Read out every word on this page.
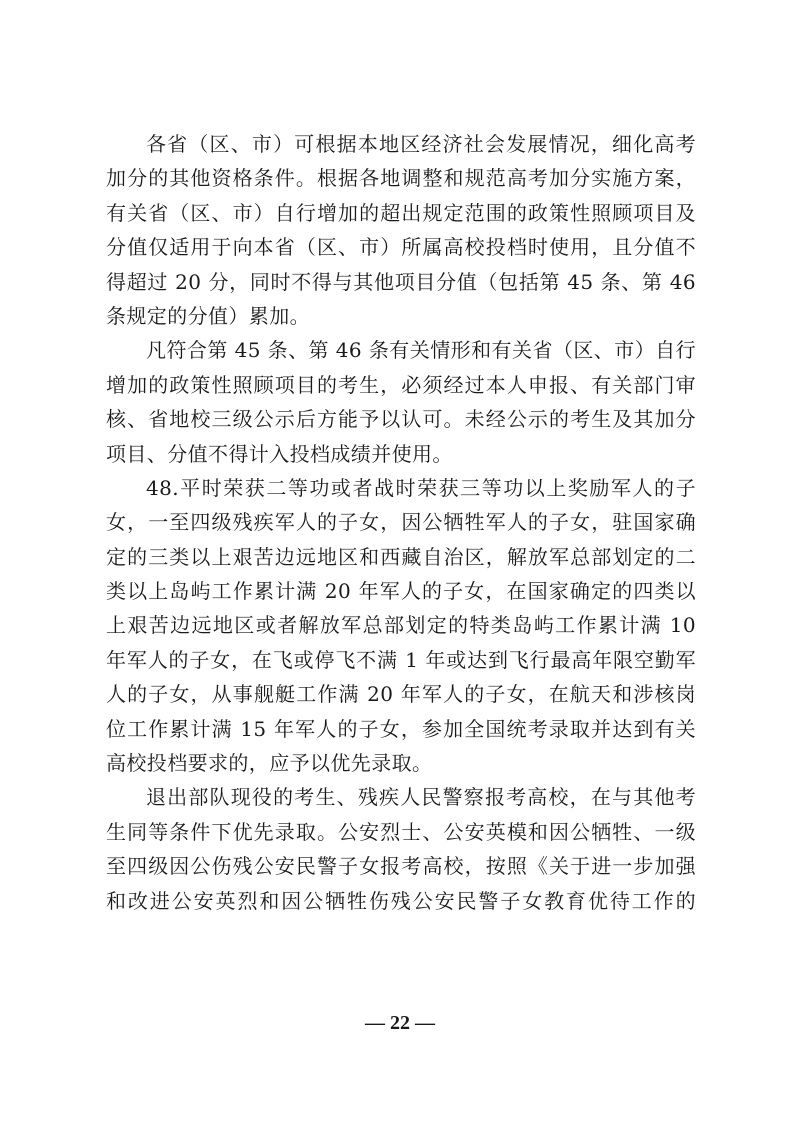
各省（区、市）可根据本地区经济社会发展情况，细化高考
加分的其他资格条件。根据各地调整和规范高考加分实施方案，
有关省（区、市）自行增加的超出规定范围的政策性照顾项目及
分值仅适用于向本省（区、市）所属高校投档时使用，且分值不
得超过 20 分，同时不得与其他项目分值（包括第 45 条、第 46
条规定的分值）累加。
凡符合第 45 条、第 46 条有关情形和有关省（区、市）自行
增加的政策性照顾项目的考生，必须经过本人申报、有关部门审
核、省地校三级公示后方能予以认可。未经公示的考生及其加分
项目、分值不得计入投档成绩并使用。
48.平时荣获二等功或者战时荣获三等功以上奖励军人的子
女，一至四级残疾军人的子女，因公牺牲军人的子女，驻国家确
定的三类以上艰苦边远地区和西藏自治区，解放军总部划定的二
类以上岛屿工作累计满 20 年军人的子女，在国家确定的四类以
上艰苦边远地区或者解放军总部划定的特类岛屿工作累计满 10
年军人的子女，在飞或停飞不满 1 年或达到飞行最高年限空勤军
人的子女，从事舰艇工作满 20 年军人的子女，在航天和涉核岗
位工作累计满 15 年军人的子女，参加全国统考录取并达到有关
高校投档要求的，应予以优先录取。
退出部队现役的考生、残疾人民警察报考高校，在与其他考
生同等条件下优先录取。公安烈士、公安英模和因公牺牲、一级
至四级因公伤残公安民警子女报考高校，按照《关于进一步加强
和改进公安英烈和因公牺牲伤残公安民警子女教育优待工作的
— 22 —
